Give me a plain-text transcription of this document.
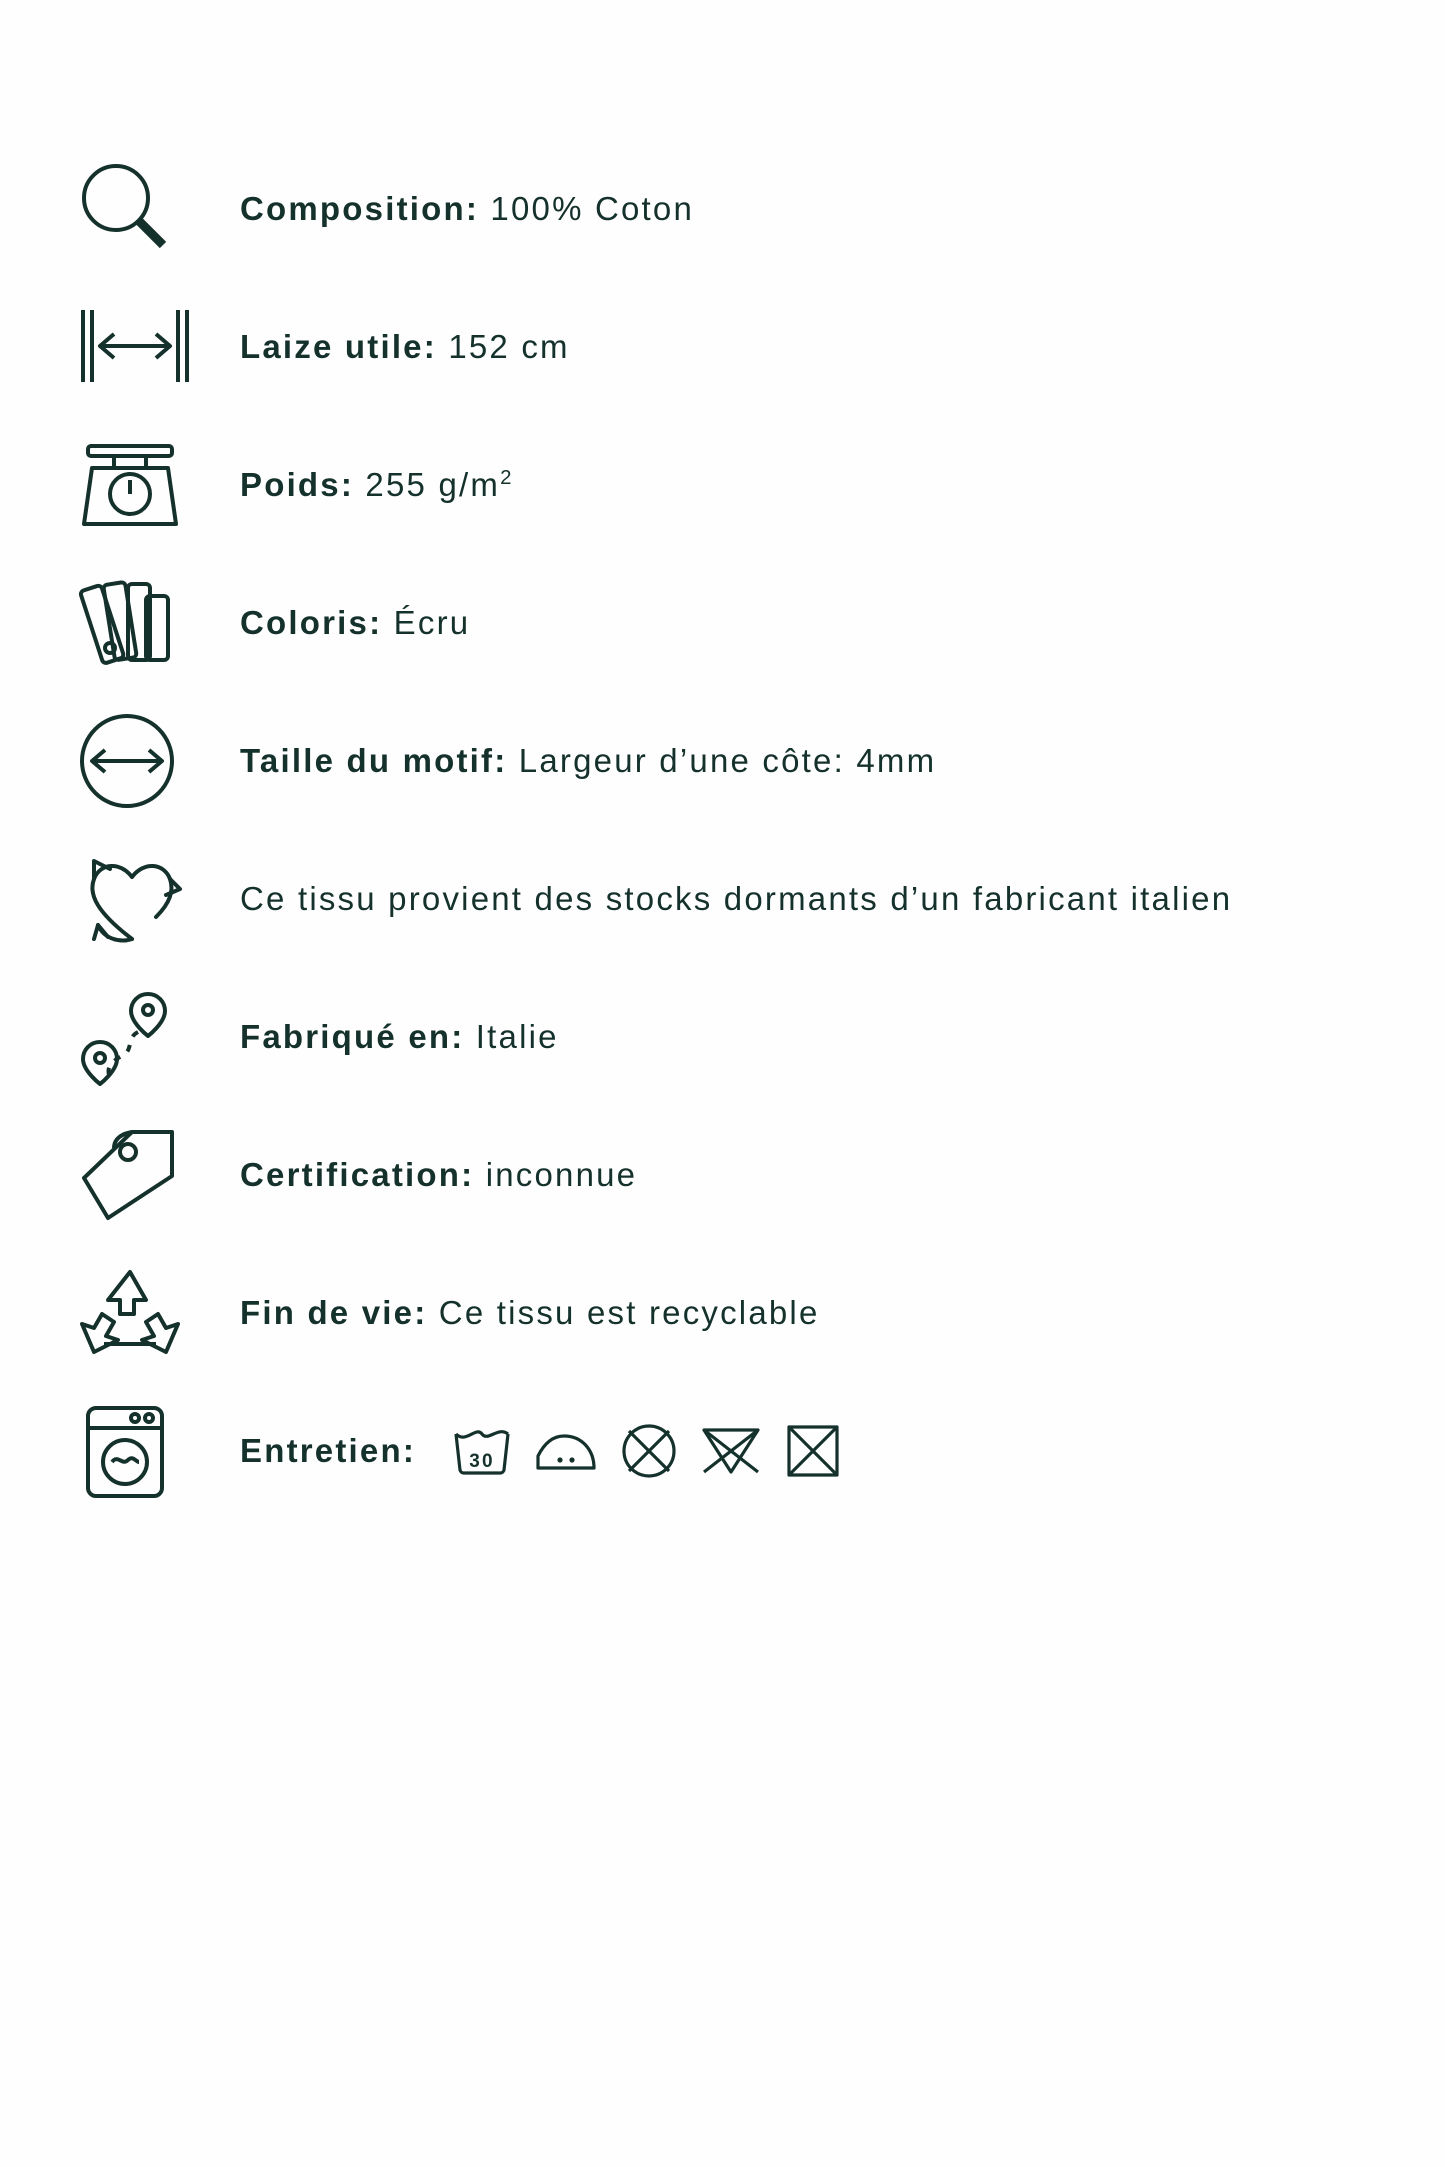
Composition: 100% Coton
Laize utile: 152 cm
Poids: 255 $g/m^2$
Coloris: Écru
Taille du motif: Largeur d’une côte: 4mm
Ce tissu provient des stocks dormants d’un fabricant italien
Fabriqué en: Italie
Certification: inconnue
Fin de vie: Ce tissu est recyclable
Entretien:	30
